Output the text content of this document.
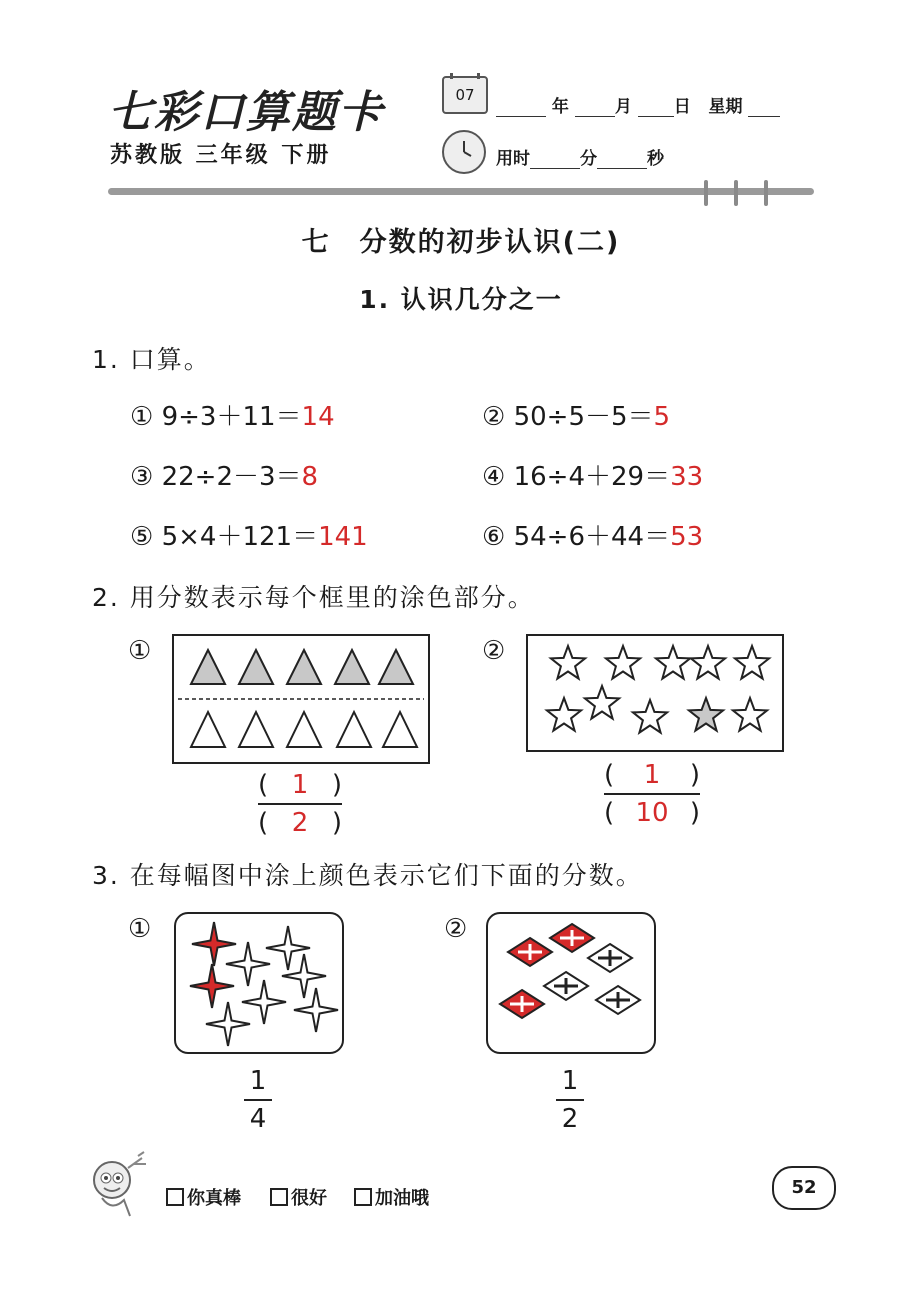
七彩口算题卡
苏教版 三年级 下册
07
年	月 日 星期
用时	分	秒
七　分数的初步认识(二)
1. 认识几分之一
1. 口算。
① 9÷3＋11＝14	② 50÷5－5＝5
③ 22÷2－3＝8	④ 16÷4＋29＝33
⑤ 5×4＋121＝141	⑥ 54÷6＋44＝53
2. 用分数表示每个框里的涂色部分。
①
( 1 )
( 2 )
②
( 1 )
( 10 )
3. 在每幅图中涂上颜色表示它们下面的分数。
①
1
4
②
1
2
你真棒	很好	加油哦
52
